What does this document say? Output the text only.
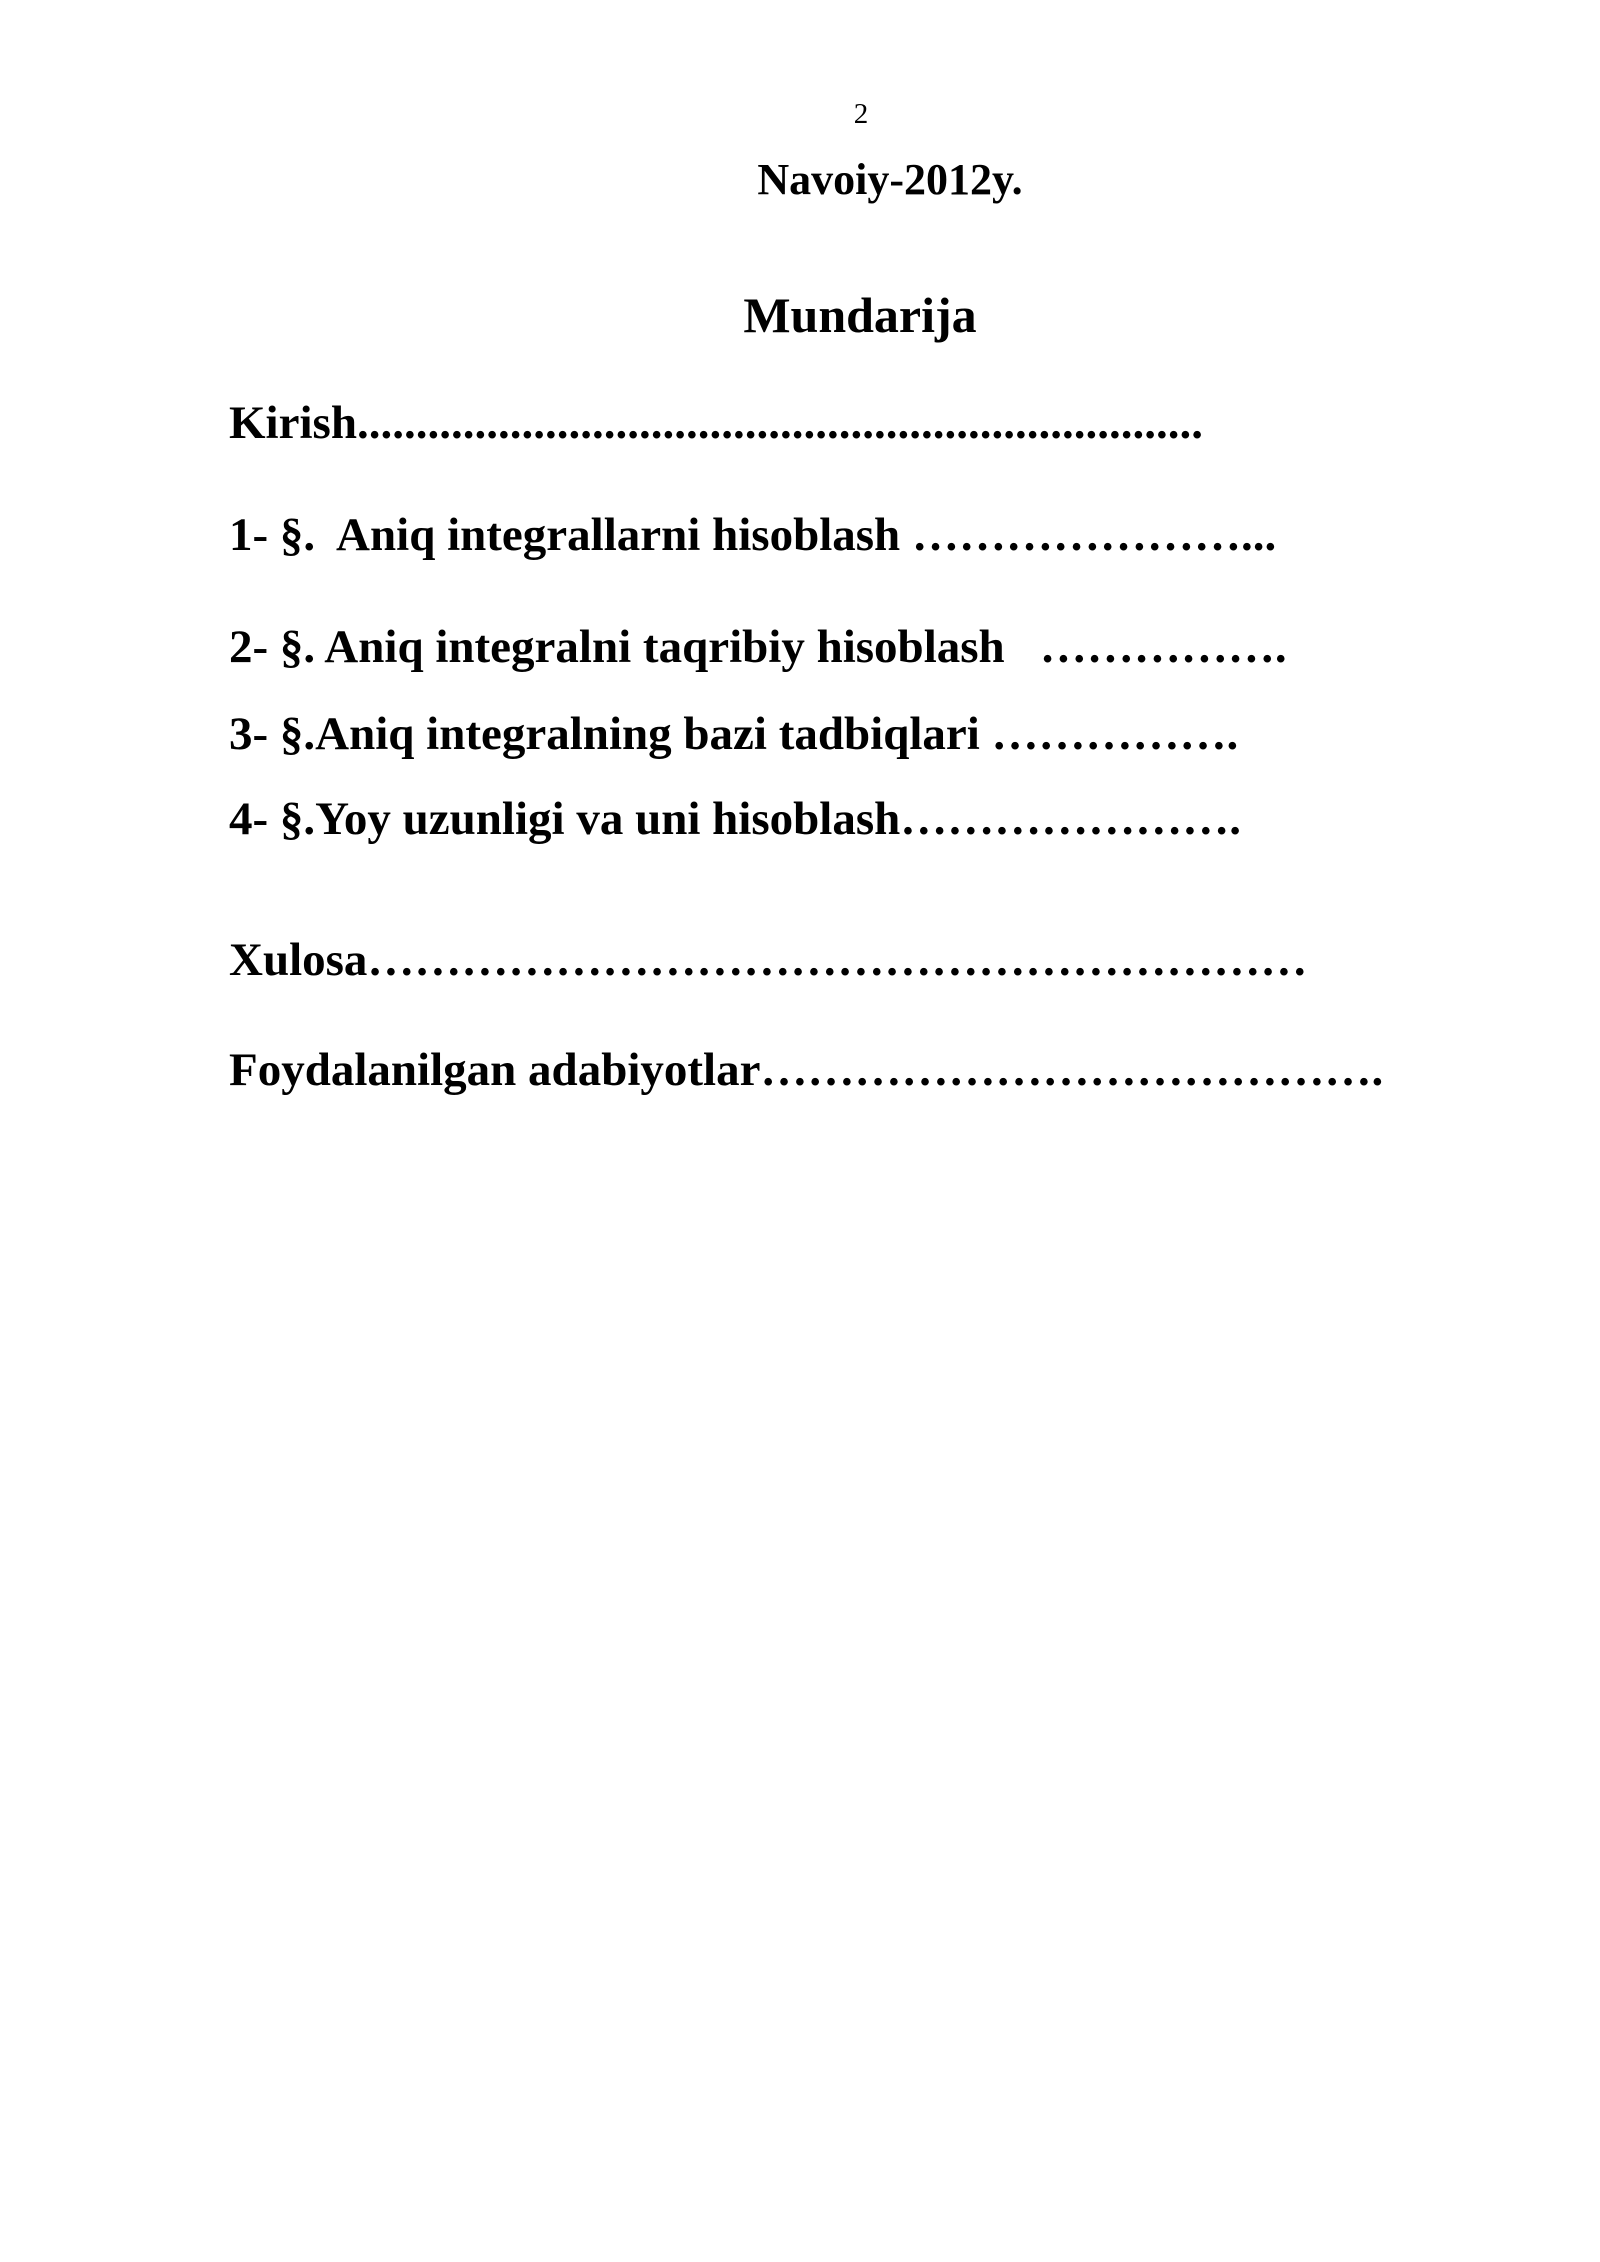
2
Navoiy-2012y.
Mundarija
Kirish........................................................................
1- §.  Aniq integrallarni hisoblash …………………...
2- §. Aniq integralni taqribiy hisoblash   …………….
3- §.Aniq integralning bazi tadbiqlari …………….
4- §.Yoy uzunligi va uni hisoblash………………….
Xulosa……………………………………………………
Foydalanilgan adabiyotlar………………………………….
